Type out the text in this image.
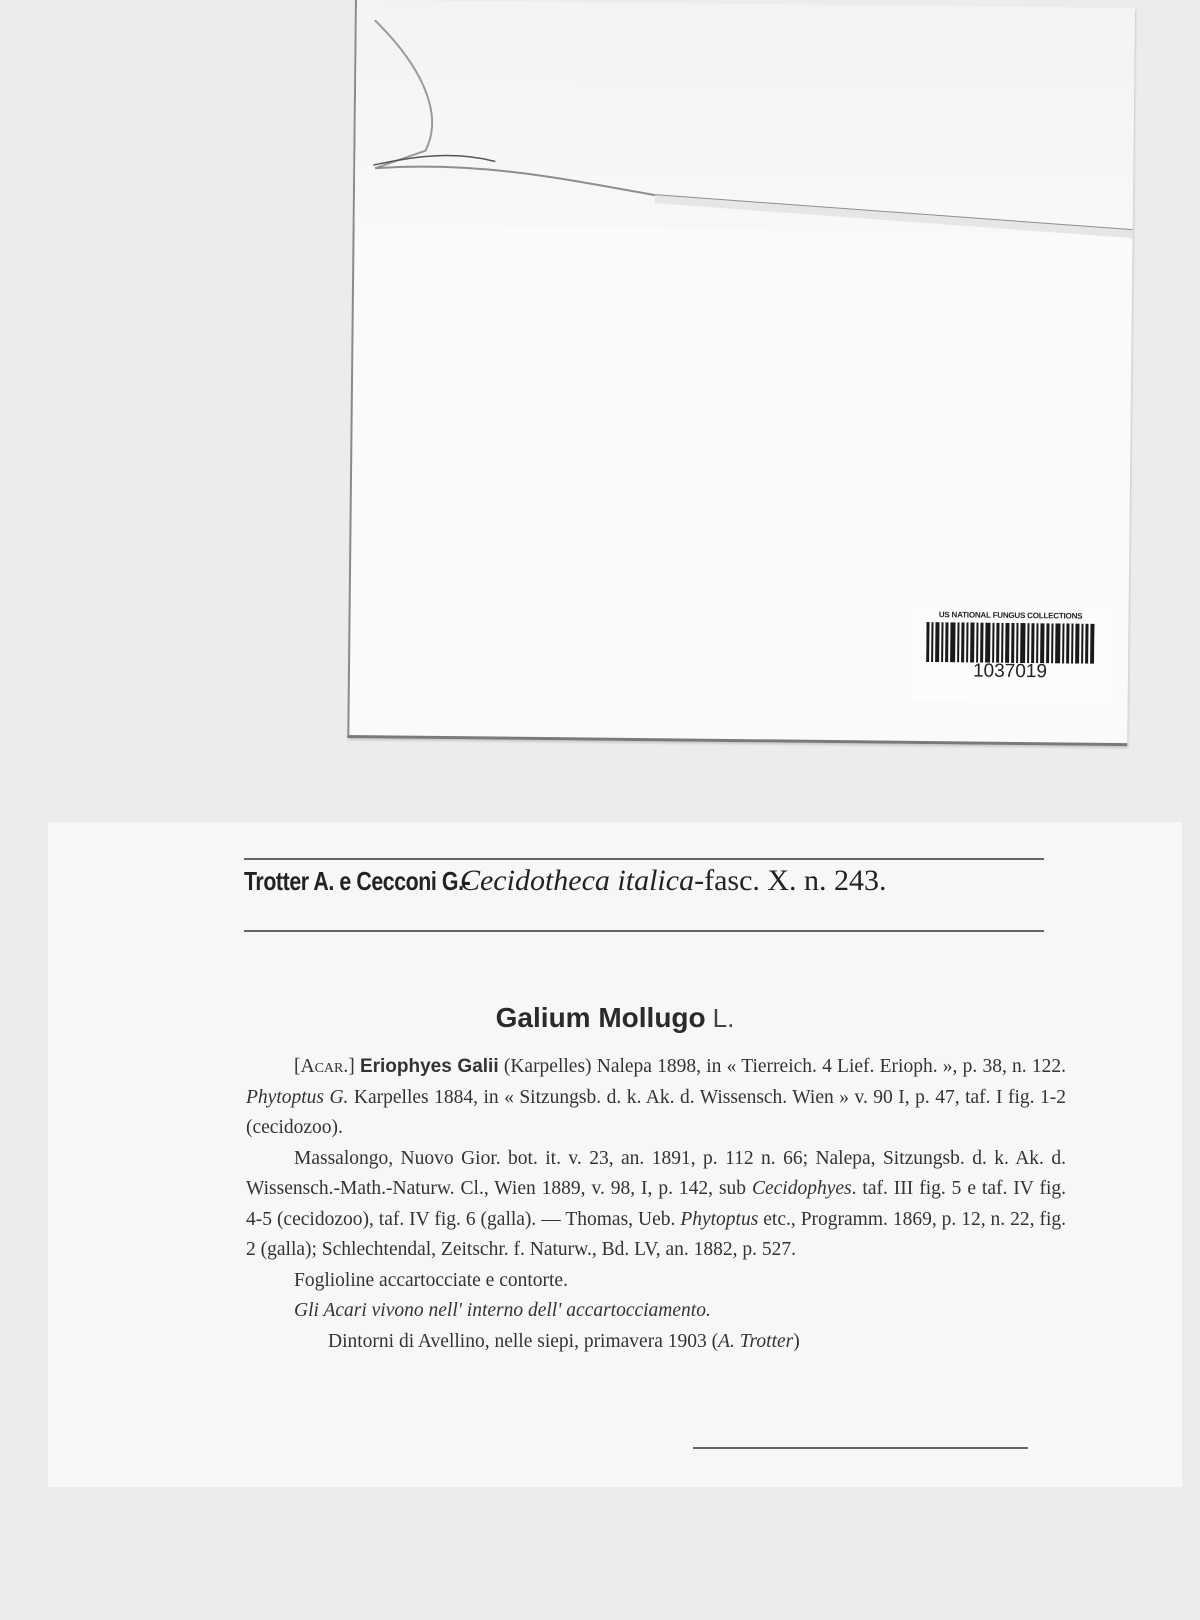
US NATIONAL FUNGUS COLLECTIONS
1037019
Trotter A. e Cecconi G.-Cecidotheca italica-fasc. X. n. 243.
Galium Mollugo L.

[Acar.] Eriophyes Galii (Karpelles) Nalepa 1898, in « Tierreich. 4 Lief. Erioph. », p. 38, n. 122. Phytoptus G. Karpelles 1884, in « Sitzungsb. d. k. Ak. d. Wissensch. Wien » v. 90 I, p. 47, taf. I fig. 1-2 (cecidozoo).

Massalongo, Nuovo Gior. bot. it. v. 23, an. 1891, p. 112 n. 66; Nalepa, Sitzungsb. d. k. Ak. d. Wissensch.-Math.-Naturw. Cl., Wien 1889, v. 98, I, p. 142, sub Cecidophyes. taf. III fig. 5 e taf. IV fig. 4-5 (cecidozoo), taf. IV fig. 6 (galla). — Thomas, Ueb. Phytoptus etc., Programm. 1869, p. 12, n. 22, fig. 2 (galla); Schlechtendal, Zeitschr. f. Naturw., Bd. LV, an. 1882, p. 527.

Foglioline accartocciate e contorte.

Gli Acari vivono nell' interno dell' accartocciamento.

Dintorni di Avellino, nelle siepi, primavera 1903 (A. Trotter)
